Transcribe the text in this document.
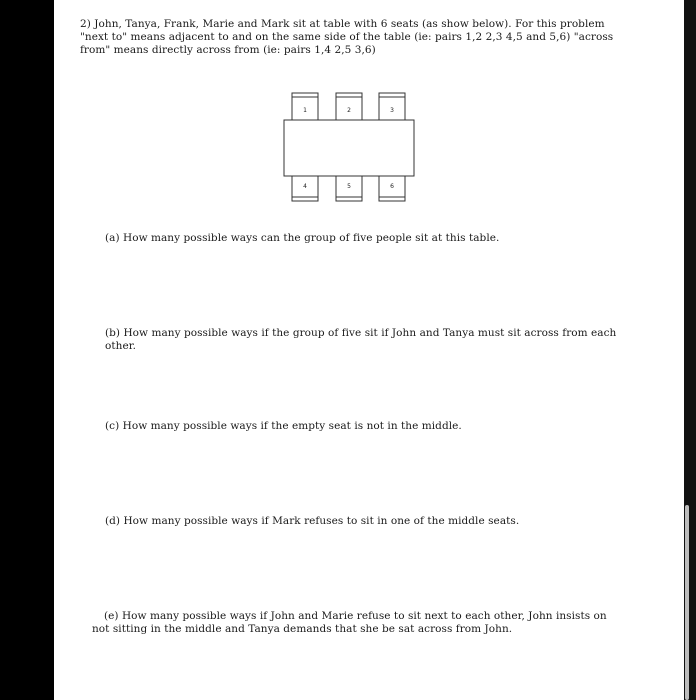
2) John, Tanya, Frank, Marie and Mark sit at table with 6 seats (as show below). For this problem "next to" means adjacent to and on the same side of the table (ie: pairs 1,2 2,3 4,5 and 5,6) "across from" means directly across from (ie: pairs 1,4 2,5 3,6)
1	2	3
4	5	6
(a) How many possible ways can the group of five people sit at this table.
(b) How many possible ways if the group of five sit if John and Tanya must sit across from each other.
(c) How many possible ways if the empty seat is not in the middle.
(d) How many possible ways if Mark refuses to sit in one of the middle seats.
(e) How many possible ways if John and Marie refuse to sit next to each other, John insists on not sitting in the middle and Tanya demands that she be sat across from John.
